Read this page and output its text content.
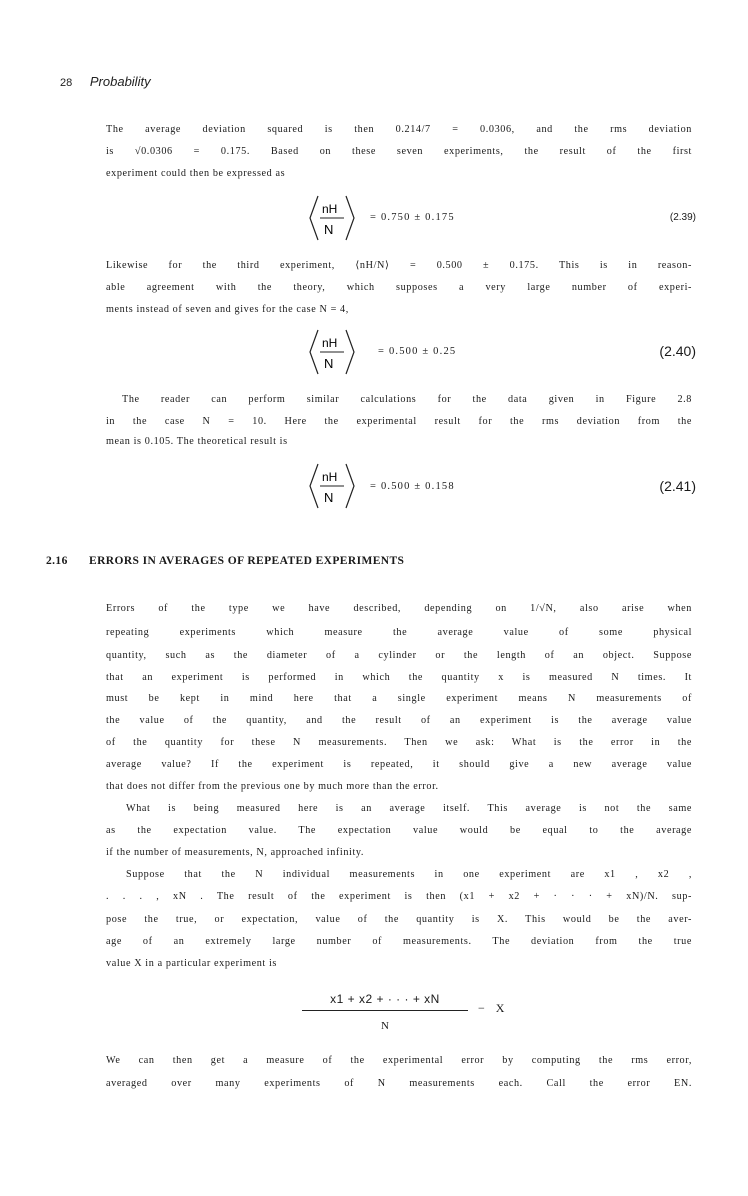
28 Probability
The average deviation squared is then 0.214/7 = 0.0306, and the rms deviation
is √0.0306 = 0.175. Based on these seven experiments, the result of the first
experiment could then be expressed as
nH
N
= 0.750 ± 0.175	(2.39)
Likewise for the third experiment, ⟨nH/N⟩ = 0.500 ± 0.175. This is in reason-
able agreement with the theory, which supposes a very large number of experi-
ments instead of seven and gives for the case N = 4,
nH
N
= 0.500 ± 0.25	(2.40)
The reader can perform similar calculations for the data given in Figure 2.8
in the case N = 10. Here the experimental result for the rms deviation from the
mean is 0.105. The theoretical result is
nH
N
= 0.500 ± 0.158	(2.41)
2.16 ERRORS IN AVERAGES OF REPEATED EXPERIMENTS
Errors of the type we have described, depending on 1/√N, also arise when
repeating experiments which measure the average value of some physical
quantity, such as the diameter of a cylinder or the length of an object. Suppose
that an experiment is performed in which the quantity x is measured N times. It
must be kept in mind here that a single experiment means N measurements of
the value of the quantity, and the result of an experiment is the average value
of the quantity for these N measurements. Then we ask: What is the error in the
average value? If the experiment is repeated, it should give a new average value
that does not differ from the previous one by much more than the error.
What is being measured here is an average itself. This average is not the same
as the expectation value. The expectation value would be equal to the average
if the number of measurements, N, approached infinity.
Suppose that the N individual measurements in one experiment are x1 , x2 ,
. . . , xN . The result of the experiment is then (x1 + x2 + · · · + xN)/N. sup-
pose the true, or expectation, value of the quantity is X. This would be the aver-
age of an extremely large number of measurements. The deviation from the true
value X in a particular experiment is
x1 + x2 + · · · + xN
N
− X
We can then get a measure of the experimental error by computing the rms error,
averaged over many experiments of N measurements each. Call the error EN.
